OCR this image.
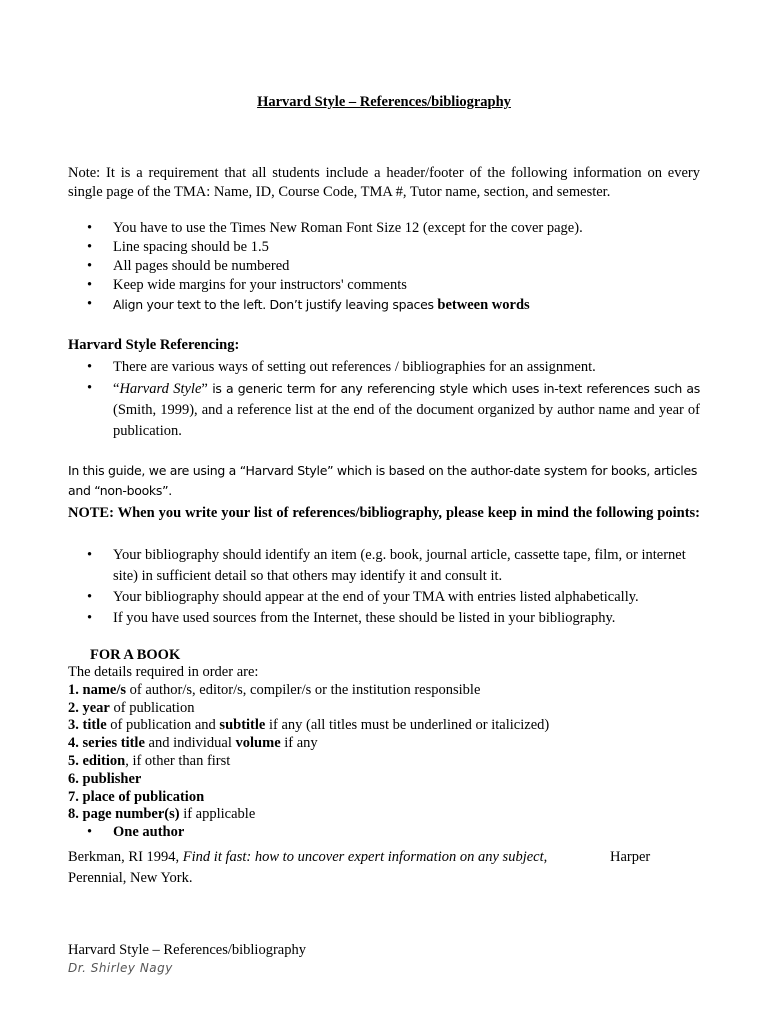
Harvard Style – References/bibliography
Note: It is a requirement that all students include a header/footer of the following information on every single page of the TMA: Name, ID, Course Code, TMA #, Tutor name, section, and semester.
• You have to use the Times New Roman Font Size 12 (except for the cover page).
• Line spacing should be 1.5
• All pages should be numbered
• Keep wide margins for your instructors' comments
• Align your text to the left. Don’t justify leaving spaces between words
Harvard Style Referencing:
• There are various ways of setting out references / bibliographies for an assignment.
• “Harvard Style” is a generic term for any referencing style which uses in-text references such as (Smith, 1999), and a reference list at the end of the document organized by author name and year of publication.
In this guide, we are using a “Harvard Style” which is based on the author-date system for books, articles and “non-books”.
NOTE: When you write your list of references/bibliography, please keep in mind the following points:
• Your bibliography should identify an item (e.g. book, journal article, cassette tape, film, or internet site) in sufficient detail so that others may identify it and consult it.
• Your bibliography should appear at the end of your TMA with entries listed alphabetically.
• If you have used sources from the Internet, these should be listed in your bibliography.
FOR A BOOK
The details required in order are:
1. name/s of author/s, editor/s, compiler/s or the institution responsible
2. year of publication
3. title of publication and subtitle if any (all titles must be underlined or italicized)
4. series title and individual volume if any
5. edition, if other than first
6. publisher
7. place of publication
8. page number(s) if applicable
• One author
Berkman, RI 1994, Find it fast: how to uncover expert information on any subject,	Harper
Perennial, New York.
Harvard Style – References/bibliography
Dr. Shirley Nagy
